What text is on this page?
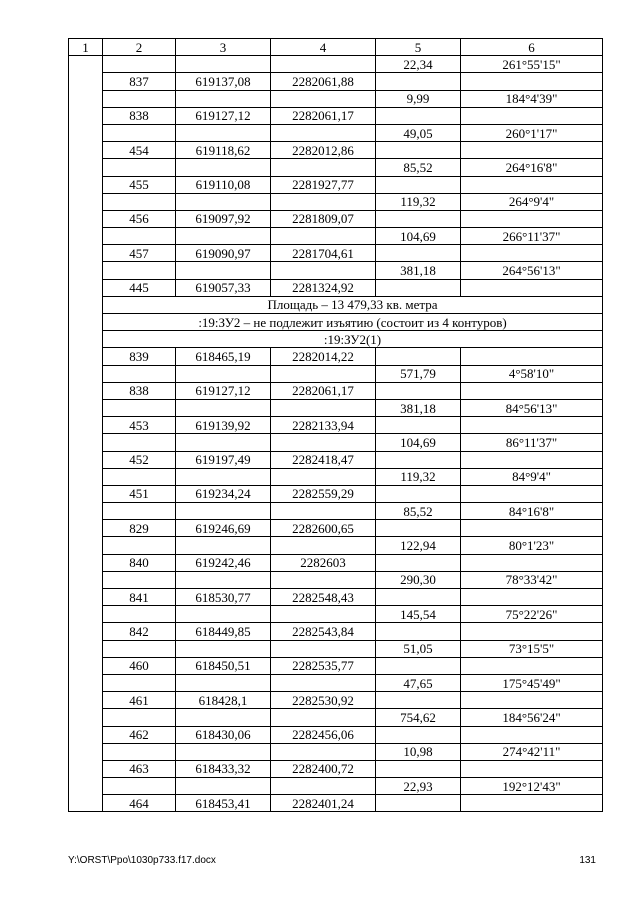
1	2	3	4	5	6
				22,34	261°55'15"
	837	619137,08	2282061,88		
				9,99	184°4'39"
	838	619127,12	2282061,17		
				49,05	260°1'17"
	454	619118,62	2282012,86		
				85,52	264°16'8"
	455	619110,08	2281927,77		
				119,32	264°9'4"
	456	619097,92	2281809,07		
				104,69	266°11'37"
	457	619090,97	2281704,61		
				381,18	264°56'13"
	445	619057,33	2281324,92		
	Площадь – 13 479,33 кв. метра				
	:19:ЗУ2 – не подлежит изъятию (состоит из 4 контуров)				
	:19:ЗУ2(1)				
	839	618465,19	2282014,22		
				571,79	4°58'10"
	838	619127,12	2282061,17		
				381,18	84°56'13"
	453	619139,92	2282133,94		
				104,69	86°11'37"
	452	619197,49	2282418,47		
				119,32	84°9'4"
	451	619234,24	2282559,29		
				85,52	84°16'8"
	829	619246,69	2282600,65		
				122,94	80°1'23"
	840	619242,46	2282603		
				290,30	78°33'42"
	841	618530,77	2282548,43		
				145,54	75°22'26"
	842	618449,85	2282543,84		
				51,05	73°15'5"
	460	618450,51	2282535,77		
				47,65	175°45'49"
	461	618428,1	2282530,92		
				754,62	184°56'24"
	462	618430,06	2282456,06		
				10,98	274°42'11"
	463	618433,32	2282400,72		
				22,93	192°12'43"
	464	618453,41	2282401,24		
Y:\ORST\Ppo\1030p733.f17.docx	131
